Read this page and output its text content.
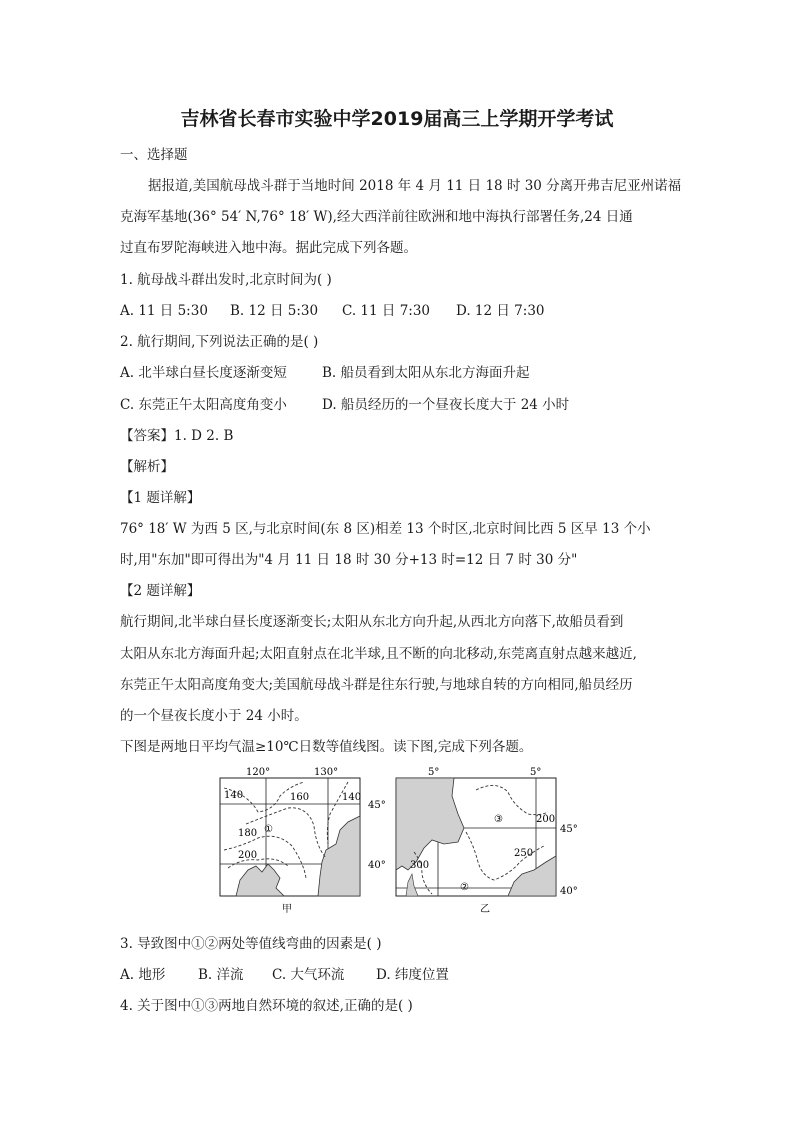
吉林省长春市实验中学2019届高三上学期开学考试
一、选择题
据报道,美国航母战斗群于当地时间 2018 年 4 月 11 日 18 时 30 分离开弗吉尼亚州诺福
克海军基地(36° 54′ N,76° 18′ W),经大西洋前往欧洲和地中海执行部署任务,24 日通
过直布罗陀海峡进入地中海。据此完成下列各题。
1. 航母战斗群出发时,北京时间为( )
A. 11 日 5:30 B. 12 日 5:30 C. 11 日 7:30 D. 12 日 7:30
2. 航行期间,下列说法正确的是( )
A. 北半球白昼长度逐渐变短	B. 船员看到太阳从东北方海面升起
C. 东莞正午太阳高度角变小	D. 船员经历的一个昼夜长度大于 24 小时
【答案】1. D 2. B
【解析】
【1 题详解】
76° 18′ W 为西 5 区,与北京时间(东 8 区)相差 13 个时区,北京时间比西 5 区早 13 个小
时,用"东加"即可得出为"4 月 11 日 18 时 30 分+13 时=12 日 7 时 30 分"
【2 题详解】
航行期间,北半球白昼长度逐渐变长;太阳从东北方向升起,从西北方向落下,故船员看到
太阳从东北方海面升起;太阳直射点在北半球,且不断的向北移动,东莞离直射点越来越近,
东莞正午太阳高度角变大;美国航母战斗群是往东行驶,与地球自转的方向相同,船员经历
的一个昼夜长度小于 24 小时。
下图是两地日平均气温≥10℃日数等值线图。读下图,完成下列各题。
120°	130°
45°
40°
140	160
180
200
140
①
甲
5°	5°
45°
40°
200
250
300
③
②
乙
3. 导致图中①②两处等值线弯曲的因素是( )
A. 地形 B. 洋流 C. 大气环流 D. 纬度位置
4. 关于图中①③两地自然环境的叙述,正确的是( )
